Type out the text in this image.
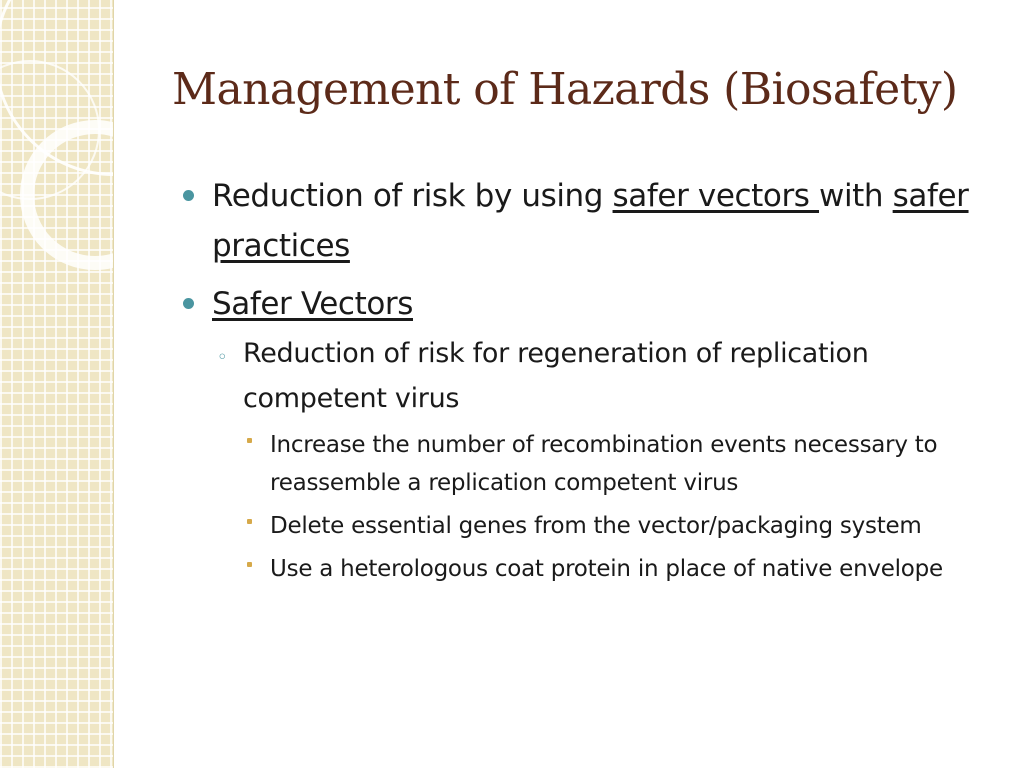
Management of Hazards (Biosafety)
Reduction of risk by using safer vectors with safer practices
Safer Vectors
◦ Reduction of risk for regeneration of replication competent virus
Increase the number of recombination events necessary to reassemble a replication competent virus
Delete essential genes from the vector/packaging system
Use a heterologous coat protein in place of native envelope
